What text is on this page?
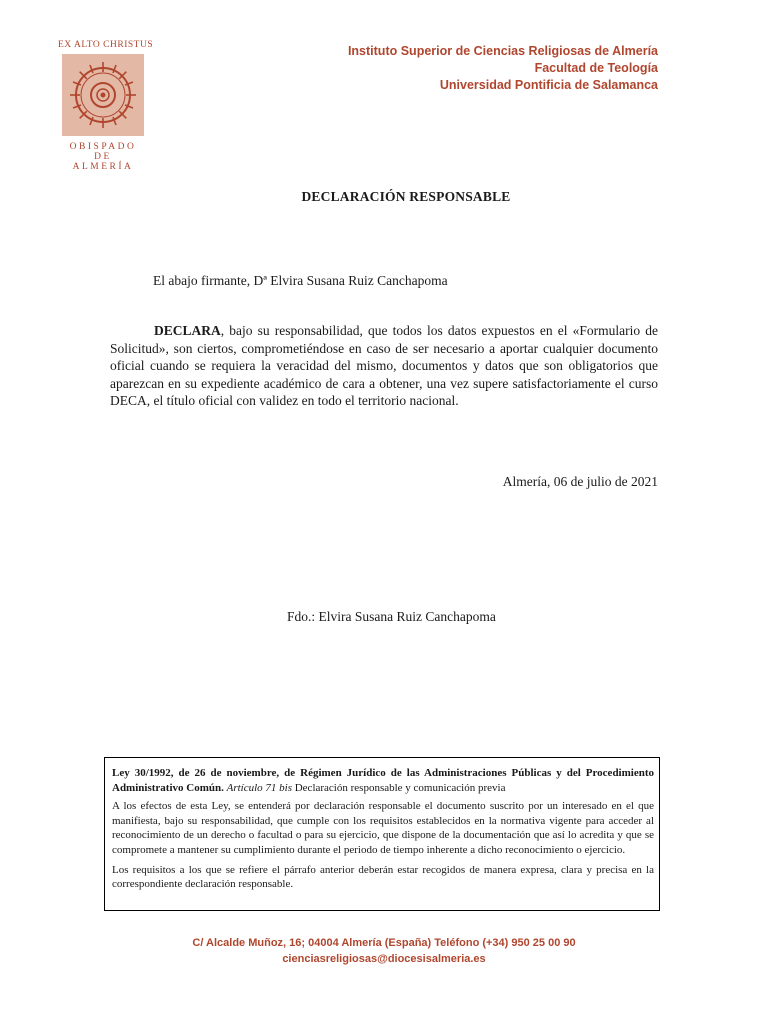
EX ALTO CHRISTUS
OBISPADO
DE
ALMERÍA
Instituto Superior de Ciencias Religiosas de Almería
Facultad de Teología
Universidad Pontificia de Salamanca
DECLARACIÓN RESPONSABLE
El abajo firmante, Dª Elvira Susana Ruiz Canchapoma

DECLARA, bajo su responsabilidad, que todos los datos expuestos en el «Formulario de Solicitud», son ciertos, comprometiéndose en caso de ser necesario a aportar cualquier documento oficial cuando se requiera la veracidad del mismo, documentos y datos que son obligatorios que aparezcan en su expediente académico de cara a obtener, una vez supere satisfactoriamente el curso DECA, el título oficial con validez en todo el territorio nacional.

Almería, 06 de julio de 2021
Fdo.: Elvira Susana Ruiz Canchapoma

Ley 30/1992, de 26 de noviembre, de Régimen Jurídico de las Administraciones Públicas y del Procedimiento Administrativo Común. Artículo 71 bis Declaración responsable y comunicación previa

A los efectos de esta Ley, se entenderá por declaración responsable el documento suscrito por un interesado en el que manifiesta, bajo su responsabilidad, que cumple con los requisitos establecidos en la normativa vigente para acceder al reconocimiento de un derecho o facultad o para su ejercicio, que dispone de la documentación que así lo acredita y que se compromete a mantener su cumplimiento durante el periodo de tiempo inherente a dicho reconocimiento o ejercicio.

Los requisitos a los que se refiere el párrafo anterior deberán estar recogidos de manera expresa, clara y precisa en la correspondiente declaración responsable.

C/ Alcalde Muñoz, 16; 04004 Almería (España) Teléfono (+34) 950 25 00 90
cienciasreligiosas@diocesisalmeria.es
